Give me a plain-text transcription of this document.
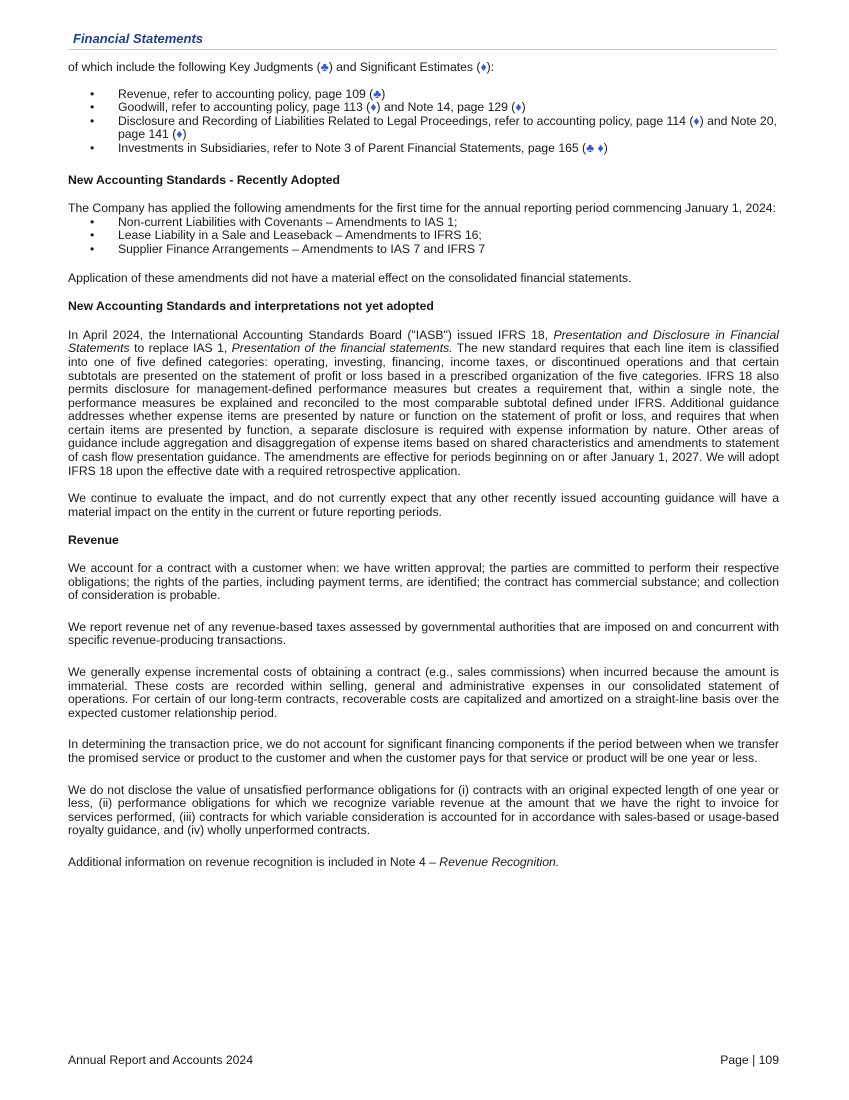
Financial Statements

of which include the following Key Judgments (♣) and Significant Estimates (♦):

• Revenue, refer to accounting policy, page 109 (♣)
• Goodwill, refer to accounting policy, page 113 (♦) and Note 14, page 129 (♦)
• Disclosure and Recording of Liabilities Related to Legal Proceedings, refer to accounting policy, page 114 (♦) and Note 20, page 141 (♦)
• Investments in Subsidiaries, refer to Note 3 of Parent Financial Statements, page 165 (♣ ♦)
New Accounting Standards - Recently Adopted

The Company has applied the following amendments for the first time for the annual reporting period commencing January 1, 2024:

• Non-current Liabilities with Covenants – Amendments to IAS 1;
• Lease Liability in a Sale and Leaseback – Amendments to IFRS 16;
• Supplier Finance Arrangements – Amendments to IAS 7 and IFRS 7

Application of these amendments did not have a material effect on the consolidated financial statements.

New Accounting Standards and interpretations not yet adopted

In April 2024, the International Accounting Standards Board ("IASB") issued IFRS 18, Presentation and Disclosure in Financial Statements to replace IAS 1, Presentation of the financial statements. The new standard requires that each line item is classified into one of five defined categories: operating, investing, financing, income taxes, or discontinued operations and that certain subtotals are presented on the statement of profit or loss based in a prescribed organization of the five categories. IFRS 18 also permits disclosure for management-defined performance measures but creates a requirement that, within a single note, the performance measures be explained and reconciled to the most comparable subtotal defined under IFRS. Additional guidance addresses whether expense items are presented by nature or function on the statement of profit or loss, and requires that when certain items are presented by function, a separate disclosure is required with expense information by nature. Other areas of guidance include aggregation and disaggregation of expense items based on shared characteristics and amendments to statement of cash flow presentation guidance. The amendments are effective for periods beginning on or after January 1, 2027. We will adopt IFRS 18 upon the effective date with a required retrospective application.

We continue to evaluate the impact, and do not currently expect that any other recently issued accounting guidance will have a material impact on the entity in the current or future reporting periods.

Revenue

We account for a contract with a customer when: we have written approval; the parties are committed to perform their respective obligations; the rights of the parties, including payment terms, are identified; the contract has commercial substance; and collection of consideration is probable.

We report revenue net of any revenue-based taxes assessed by governmental authorities that are imposed on and concurrent with specific revenue-producing transactions.

We generally expense incremental costs of obtaining a contract (e.g., sales commissions) when incurred because the amount is immaterial. These costs are recorded within selling, general and administrative expenses in our consolidated statement of operations. For certain of our long-term contracts, recoverable costs are capitalized and amortized on a straight-line basis over the expected customer relationship period.

In determining the transaction price, we do not account for significant financing components if the period between when we transfer the promised service or product to the customer and when the customer pays for that service or product will be one year or less.

We do not disclose the value of unsatisfied performance obligations for (i) contracts with an original expected length of one year or less, (ii) performance obligations for which we recognize variable revenue at the amount that we have the right to invoice for services performed, (iii) contracts for which variable consideration is accounted for in accordance with sales-based or usage-based royalty guidance, and (iv) wholly unperformed contracts.

Additional information on revenue recognition is included in Note 4 – Revenue Recognition.

Annual Report and Accounts 2024	Page | 109
